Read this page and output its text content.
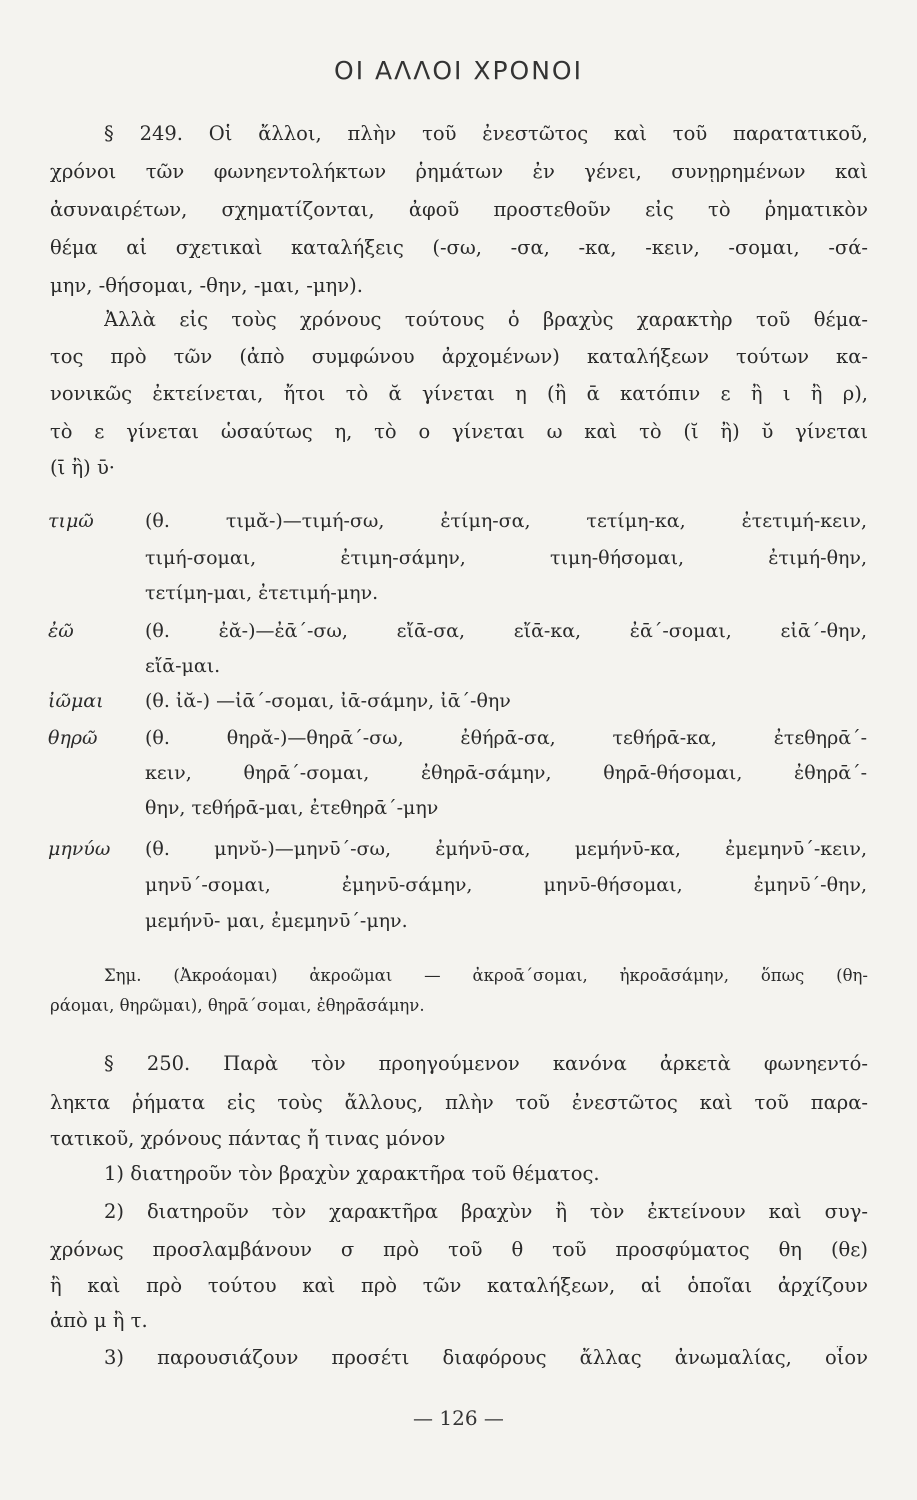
ΟΙ ΑΛΛΟΙ ΧΡΟΝΟΙ
§ 249. Οἱ ἄλλοι, πλὴν τοῦ ἐνεστῶτος καὶ τοῦ παρατατικοῦ,
χρόνοι τῶν φωνηεντολήκτων ῥημάτων ἐν γένει, συνῃρημένων καὶ
ἀσυναιρέτων, σχηματίζονται, ἀφοῦ προστεθοῦν εἰς τὸ ῥηματικὸν
θέμα αἱ σχετικαὶ καταλήξεις (-σω, -σα, -κα, -κειν, -σομαι, -σά-
μην, -θήσομαι, -θην, -μαι, -μην).
Ἀλλὰ εἰς τοὺς χρόνους τούτους ὁ βραχὺς χαρακτὴρ τοῦ θέμα-
τος πρὸ τῶν (ἀπὸ συμφώνου ἀρχομένων) καταλήξεων τούτων κα-
νονικῶς ἐκτείνεται, ἤτοι τὸ ᾰ γίνεται η (ἢ ᾱ κατόπιν ε ἢ ι ἢ ρ),
τὸ ε γίνεται ὡσαύτως η, τὸ ο γίνεται ω καὶ τὸ (ῐ ἢ) ῠ γίνεται
(ῑ ἢ) ῡ·
τιμῶ	(θ. τιμᾰ-)—τιμή-σω, ἐτίμη-σα, τετίμη-κα, ἐτετιμή-κειν,
τιμή-σομαι, ἐτιμη-σάμην, τιμη-θήσομαι, ἐτιμή-θην,
τετίμη-μαι, ἐτετιμή-μην.
ἐῶ	(θ. ἐᾰ-)—ἐᾱ΄-σω, εἴᾱ-σα, εἴᾱ-κα, ἐᾱ΄-σομαι, εἰᾱ΄-θην,
εἴᾱ-μαι.
ἰῶμαι (θ. ἰᾰ-) —ἰᾱ΄-σομαι, ἰᾱ-σάμην, ἰᾱ΄-θην
θηρῶ	(θ. θηρᾰ-)—θηρᾱ΄-σω, ἐθήρᾱ-σα, τεθήρᾱ-κα, ἐτεθηρᾱ΄-
κειν, θηρᾱ΄-σομαι, ἐθηρᾱ-σάμην, θηρᾱ-θήσομαι, ἐθηρᾱ΄-
θην, τεθήρᾱ-μαι, ἐτεθηρᾱ΄-μην
μηνύω (θ. μηνῠ-)—μηνῡ΄-σω, ἐμήνῡ-σα, μεμήνῡ-κα, ἐμεμηνῡ΄-κειν,
μηνῡ΄-σομαι, ἐμηνῡ-σάμην, μηνῡ-θήσομαι, ἐμηνῡ΄-θην,
μεμήνῡ- μαι, ἐμεμηνῡ΄-μην.
Σημ. (Ἀκροάομαι) ἀκροῶμαι — ἀκροᾱ΄σομαι, ἠκροᾱσάμην, ὅπως (θη-
ράομαι, θηρῶμαι), θηρᾱ΄σομαι, ἐθηρᾱσάμην.
§ 250. Παρὰ τὸν προηγούμενον κανόνα ἀρκετὰ φωνηεντό-
ληκτα ῥήματα εἰς τοὺς ἄλλους, πλὴν τοῦ ἐνεστῶτος καὶ τοῦ παρα-
τατικοῦ, χρόνους πάντας ἤ τινας μόνον
1) διατηροῦν τὸν βραχὺν χαρακτῆρα τοῦ θέματος.
2) διατηροῦν τὸν χαρακτῆρα βραχὺν ἢ τὸν ἐκτείνουν καὶ συγ-
χρόνως προσλαμβάνουν σ πρὸ τοῦ θ τοῦ προσφύματος θη (θε)
ἢ καὶ πρὸ τούτου καὶ πρὸ τῶν καταλήξεων, αἱ ὁποῖαι ἀρχίζουν
ἀπὸ μ ἢ τ.
3) παρουσιάζουν προσέτι διαφόρους ἄλλας ἀνωμαλίας, οἷον
— 126 —
